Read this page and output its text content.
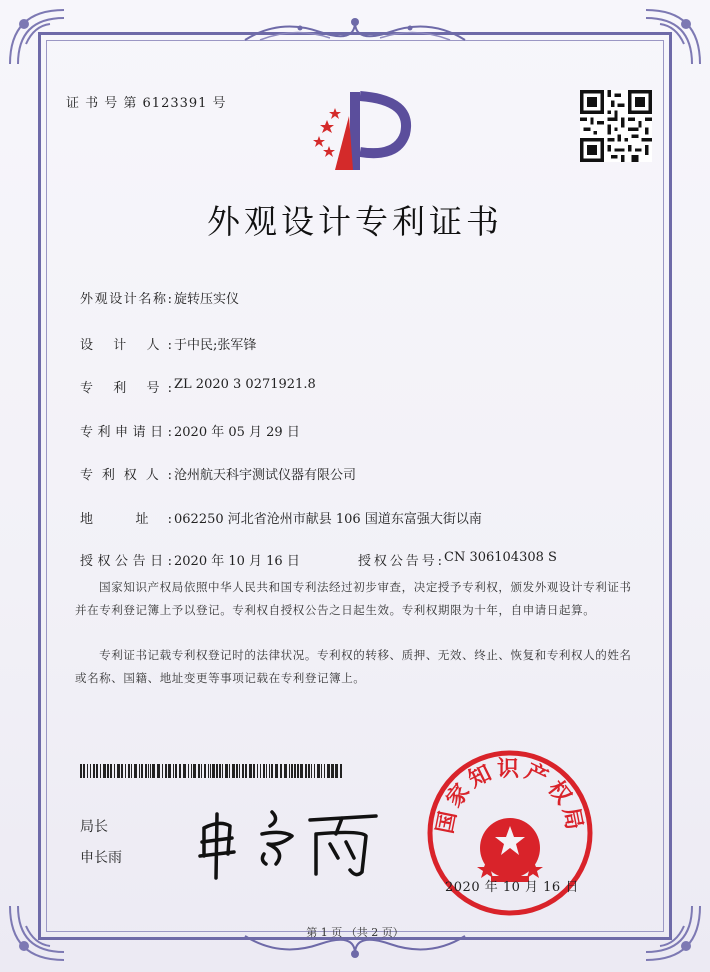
证 书 号 第 6123391 号
外观设计专利证书
外观设计名称: 旋转压实仪
设 计 人: 于中民;张军锋
专 利 号: ZL 2020 3 0271921.8
专利申请日: 2020 年 05 月 29 日
专利权人: 沧州航天科宇测试仪器有限公司
地 址: 062250 河北省沧州市献县 106 国道东富强大街以南
授权公告日: 2020 年 10 月 16 日	授权公告号: CN 306104308 S
国家知识产权局依照中华人民共和国专利法经过初步审查，决定授予专利权，颁发外观设计专利证书并在专利登记簿上予以登记。专利权自授权公告之日起生效。专利权期限为十年，自申请日起算。
专利证书记载专利权登记时的法律状况。专利权的转移、质押、无效、终止、恢复和专利权人的姓名或名称、国籍、地址变更等事项记载在专利登记簿上。
局长
申长雨
国家知识产权局
2020 年 10 月 16 日
第 1 页 （共 2 页）
